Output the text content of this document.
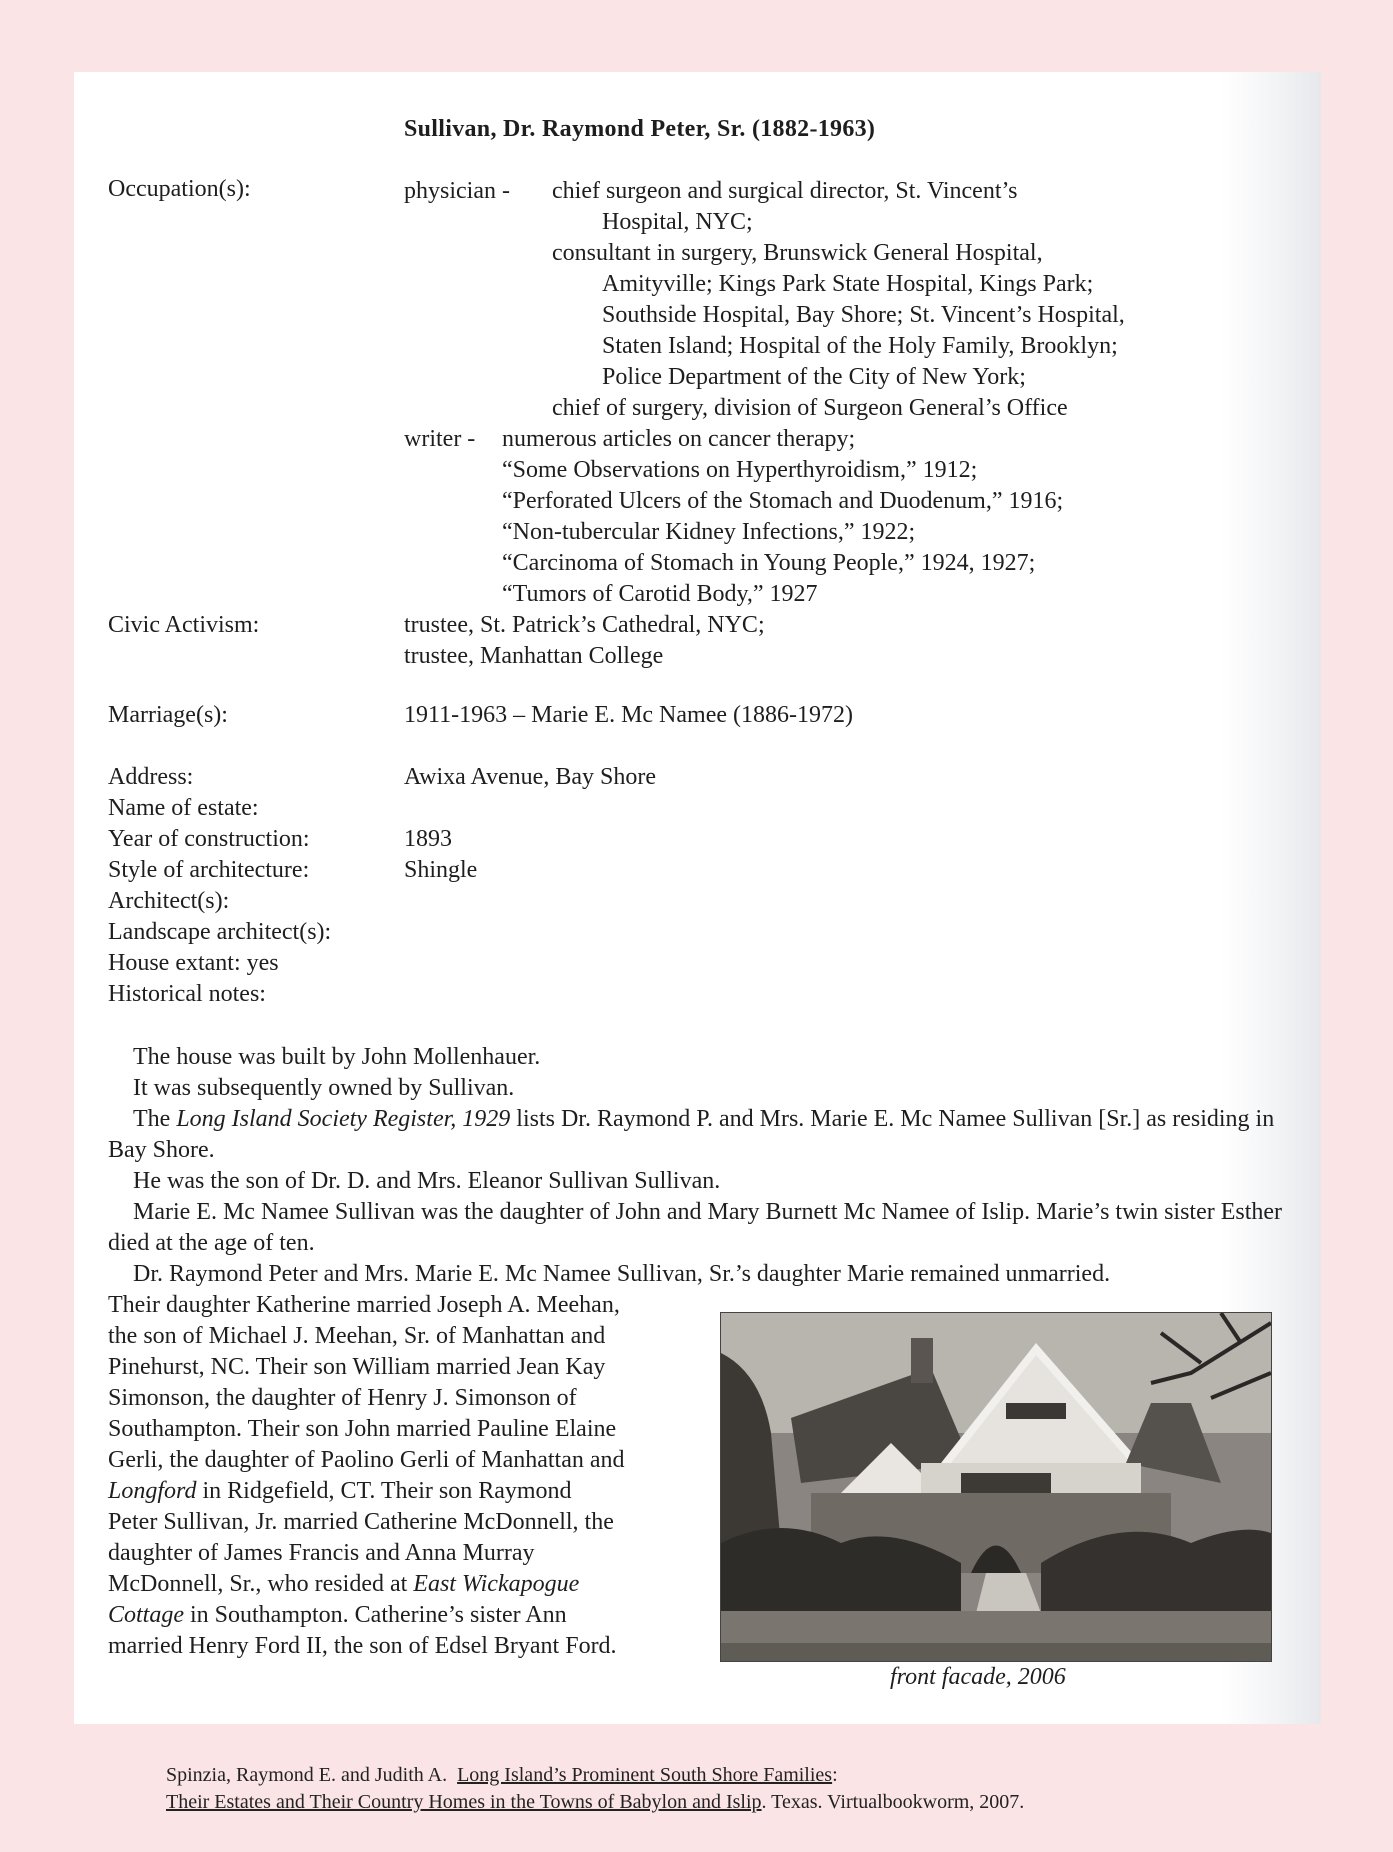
Sullivan, Dr. Raymond Peter, Sr. (1882-1963)
Occupation(s):	physician - chief surgeon and surgical director, St. Vincent’s
Hospital, NYC;
consultant in surgery, Brunswick General Hospital,
Amityville; Kings Park State Hospital, Kings Park;
Southside Hospital, Bay Shore; St. Vincent’s Hospital,
Staten Island; Hospital of the Holy Family, Brooklyn;
Police Department of the City of New York;
chief of surgery, division of Surgeon General’s Office
writer - numerous articles on cancer therapy;
“Some Observations on Hyperthyroidism,” 1912;
“Perforated Ulcers of the Stomach and Duodenum,” 1916;
“Non-tubercular Kidney Infections,” 1922;
“Carcinoma of Stomach in Young People,” 1924, 1927;
“Tumors of Carotid Body,” 1927
Civic Activism:	trustee, St. Patrick’s Cathedral, NYC;
trustee, Manhattan College
Marriage(s):	1911-1963 – Marie E. Mc Namee (1886-1972)
Address:	Awixa Avenue, Bay Shore
Name of estate:
Year of construction:	1893
Style of architecture:	Shingle
Architect(s):
Landscape architect(s):
House extant: yes
Historical notes:

The house was built by John Mollenhauer.

It was subsequently owned by Sullivan.

The Long Island Society Register, 1929 lists Dr. Raymond P. and Mrs. Marie E. Mc Namee Sullivan [Sr.] as residing in Bay Shore.

He was the son of Dr. D. and Mrs. Eleanor Sullivan Sullivan.

Marie E. Mc Namee Sullivan was the daughter of John and Mary Burnett Mc Namee of Islip. Marie’s twin sister Esther died at the age of ten.

Dr. Raymond Peter and Mrs. Marie E. Mc Namee Sullivan, Sr.’s daughter Marie remained unmarried.

Their daughter Katherine married Joseph A. Meehan,
the son of Michael J. Meehan, Sr. of Manhattan and
Pinehurst, NC. Their son William married Jean Kay
Simonson, the daughter of Henry J. Simonson of
Southampton. Their son John married Pauline Elaine
Gerli, the daughter of Paolino Gerli of Manhattan and
Longford in Ridgefield, CT. Their son Raymond
Peter Sullivan, Jr. married Catherine McDonnell, the
daughter of James Francis and Anna Murray
McDonnell, Sr., who resided at East Wickapogue
Cottage in Southampton. Catherine’s sister Ann
married Henry Ford II, the son of Edsel Bryant Ford.
front facade, 2006
Spinzia, Raymond E. and Judith A. Long Island’s Prominent South Shore Families:
Their Estates and Their Country Homes in the Towns of Babylon and Islip. Texas. Virtualbookworm, 2007.
